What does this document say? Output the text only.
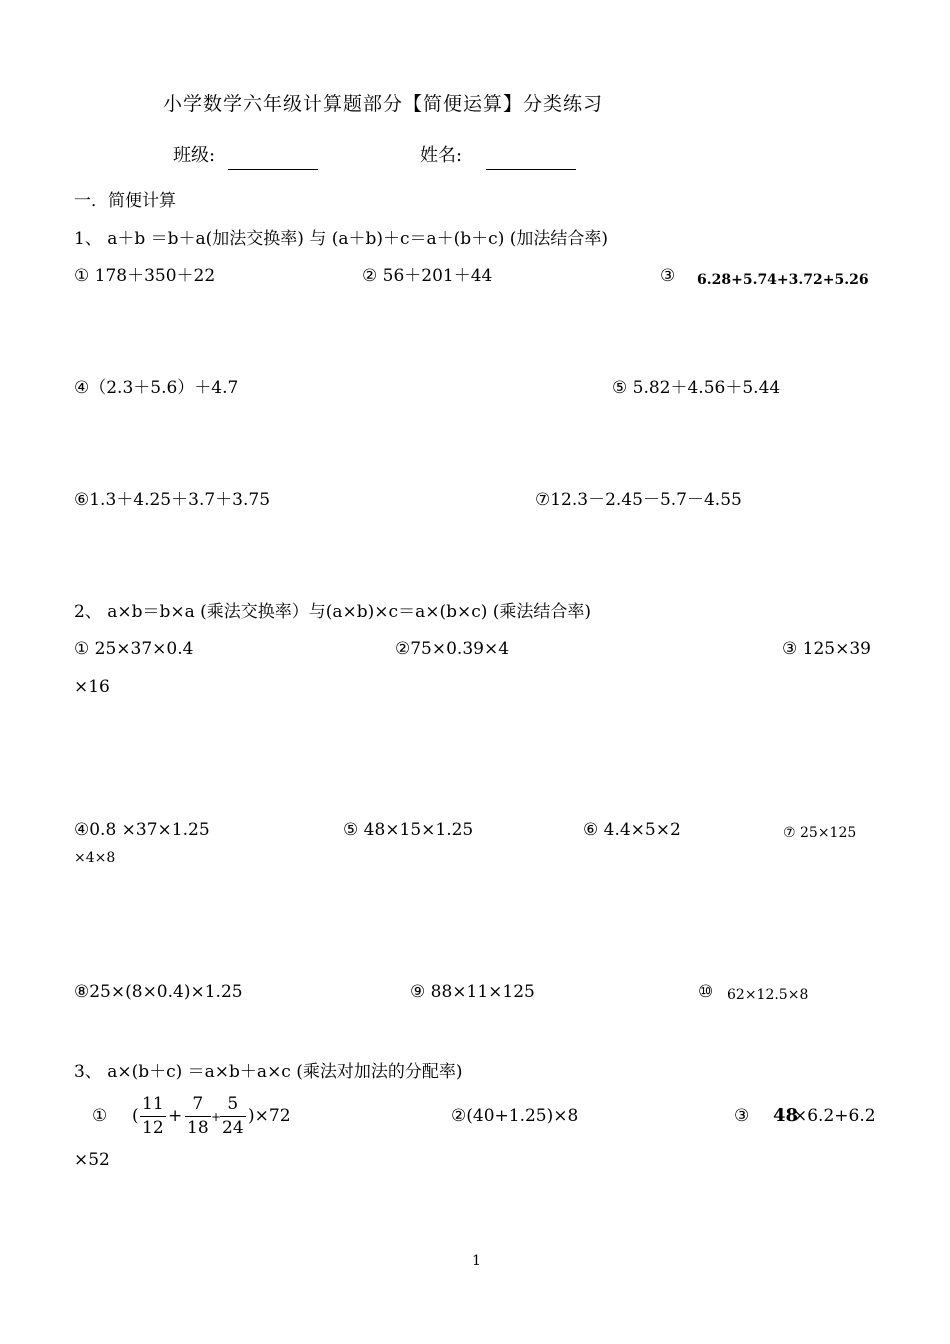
小学数学六年级计算题部分【简便运算】分类练习
班级:	姓名:
一．简便计算
1、 a＋b ＝b＋a(加法交换率) 与 (a＋b)＋c＝a＋(b＋c) (加法结合率)
① 178＋350＋22	② 56＋201＋44	③ 6.28+5.74+3.72+5.26
④（2.3＋5.6）＋4.7	⑤ 5.82＋4.56＋5.44
⑥1.3＋4.25＋3.7＋3.75	⑦12.3－2.45－5.7－4.55
2、 a×b＝b×a (乘法交换率）与(a×b)×c＝a×(b×c) (乘法结合率)
① 25×37×0.4	②75×0.39×4	③ 125×39
×16
④0.8 ×37×1.25	⑤ 48×15×1.25	⑥ 4.4×5×2	⑦ 25×125
×4×8
⑧25×(8×0.4)×1.25	⑨ 88×11×125	⑩ 62×12.5×8
3、 a×(b＋c) ＝a×b＋a×c (乘法对加法的分配率)
① (
11
12
+
7
18
+
5
24
)×72	②(40+1.25)×8	③ 48
×6.2+6.2
×52
1
